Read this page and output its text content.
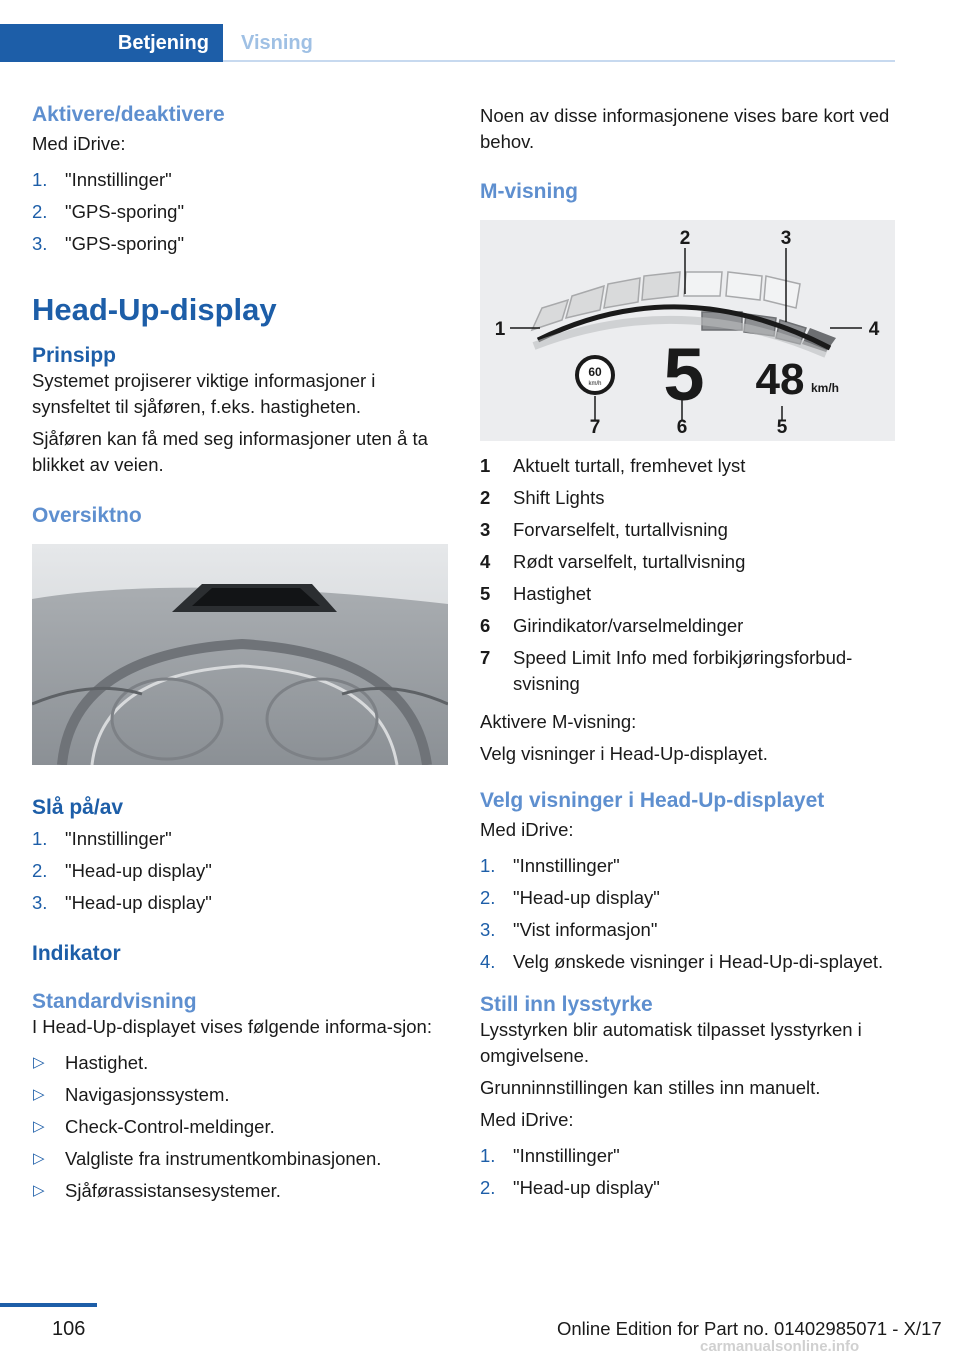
Betjening	Visning
Aktivere/deaktivere

Med iDrive:

1. "Innstillinger"
2. "GPS-sporing"
3. "GPS-sporing"
Head-Up-display
Prinsipp

Systemet projiserer viktige informasjoner i synsfeltet til sjåføren, f.eks. hastigheten.

Sjåføren kan få med seg informasjoner uten å ta blikket av veien.

Oversiktno
Slå på/av
1. "Innstillinger"
2. "Head-up display"
3. "Head-up display"
Indikator
Standardvisning

I Head-Up-displayet vises følgende informa-sjon:

▷ Hastighet.
▷ Navigasjonssystem.
▷ Check-Control-meldinger.
▷ Valgliste fra instrumentkombinasjonen.
▷ Sjåførassistansesystemer.

Noen av disse informasjonene vises bare kort ved behov.

M-visning
60
km/h 5 48 km/h
1
2	3
4
5
6
7
1 Aktuelt turtall, fremhevet lyst
2 Shift Lights
3 Forvarselfelt, turtallvisning
4 Rødt varselfelt, turtallvisning
5 Hastighet
6 Girindikator/varselmeldinger
7 Speed Limit Info med forbikjøringsforbud-svisning

Aktivere M-visning:

Velg visninger i Head-Up-displayet.

Velg visninger i Head-Up-displayet

Med iDrive:

1. "Innstillinger"
2. "Head-up display"
3. "Vist informasjon"
4. Velg ønskede visninger i Head-Up-di-splayet.
Still inn lysstyrke

Lysstyrken blir automatisk tilpasset lysstyrken i omgivelsene.

Grunninnstillingen kan stilles inn manuelt.

Med iDrive:

1. "Innstillinger"
2. "Head-up display"
106	Online Edition for Part no. 01402985071 - X/17
carmanualsonline.info
